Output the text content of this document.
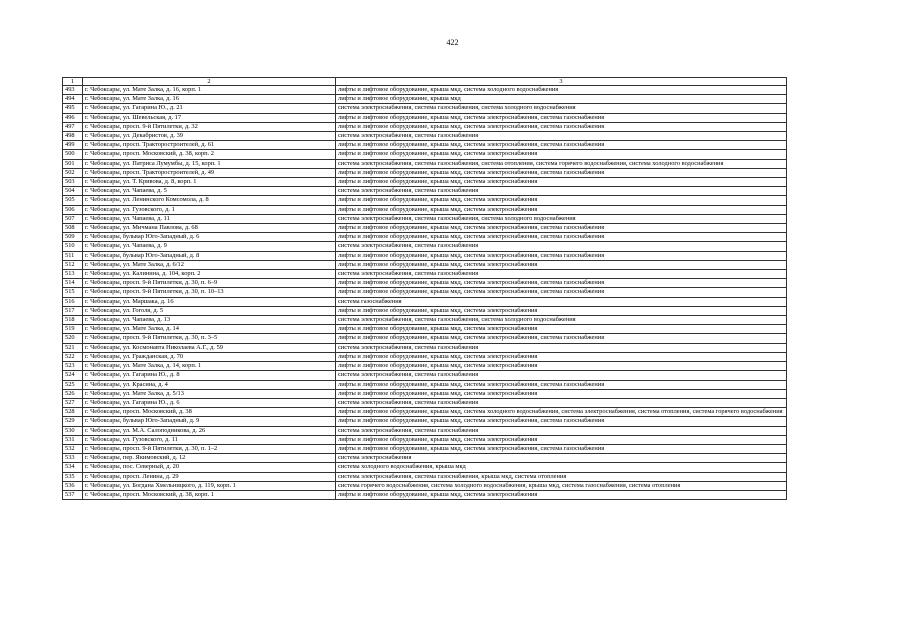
422
1	2	3
493	г. Чебоксары, ул. Мате Залка, д. 16, корп. 1	лифты и лифтовое оборудование, крыша мкд, система холодного водоснабжения
494	г. Чебоксары, ул. Мате Залка, д. 16	лифты и лифтовое оборудование, крыша мкд
495	г. Чебоксары, ул. Гагарина Ю., д. 21	система электроснабжения, система газоснабжения, система холодного водоснабжения
496	г. Чебоксары, ул. Шевельская, д. 17	лифты и лифтовое оборудование, крыша мкд, система электроснабжения, система газоснабжения
497	г. Чебоксары, просп. 9-й Пятилетки, д. 32	лифты и лифтовое оборудование, крыша мкд, система электроснабжения, система газоснабжения
498	г. Чебоксары, ул. Декабристов, д. 39	система электроснабжения, система газоснабжения
499	г. Чебоксары, просп. Тракторостроителей, д. 61	лифты и лифтовое оборудование, крыша мкд, система электроснабжения, система газоснабжения
500	г. Чебоксары, просп. Московский, д. 38, корп. 2	лифты и лифтовое оборудование, крыша мкд, система электроснабжения
501	г. Чебоксары, ул. Патриса Лумумбы, д. 15, корп. 1	система электроснабжения, система газоснабжения, система отопления, система горячего водоснабжения, система холодного водоснабжения
502	г. Чебоксары, просп. Тракторостроителей, д. 49	лифты и лифтовое оборудование, крыша мкд, система электроснабжения, система газоснабжения
503	г. Чебоксары, ул. Т. Кривова, д. 8, корп. 1	лифты и лифтовое оборудование, крыша мкд, система электроснабжения
504	г. Чебоксары, ул. Чапаева, д. 5	система электроснабжения, система газоснабжения
505	г. Чебоксары, ул. Ленинского Комсомола, д. 8	лифты и лифтовое оборудование, крыша мкд, система электроснабжения
506	г. Чебоксары, ул. Гузовского, д. 1	лифты и лифтовое оборудование, крыша мкд, система электроснабжения
507	г. Чебоксары, ул. Чапаева, д. 11	система электроснабжения, система газоснабжения, система холодного водоснабжения
508	г. Чебоксары, ул. Мичмана Павлова, д. 68	лифты и лифтовое оборудование, крыша мкд, система электроснабжения, система газоснабжения
509	г. Чебоксары, бульвар Юго-Западный, д. 6	лифты и лифтовое оборудование, крыша мкд, система электроснабжения, система газоснабжения
510	г. Чебоксары, ул. Чапаева, д. 9	система электроснабжения, система газоснабжения
511	г. Чебоксары, бульвар Юго-Западный, д. 8	лифты и лифтовое оборудование, крыша мкд, система электроснабжения, система газоснабжения
512	г. Чебоксары, ул. Мате Залка, д. 6/12	лифты и лифтовое оборудование, крыша мкд, система электроснабжения
513	г. Чебоксары, ул. Калинина, д. 104, корп. 2	система электроснабжения, система газоснабжения
514	г. Чебоксары, просп. 9-й Пятилетки, д. 30, п. 6–9	лифты и лифтовое оборудование, крыша мкд, система электроснабжения, система газоснабжения
515	г. Чебоксары, просп. 9-й Пятилетки, д. 30, п. 10–13	лифты и лифтовое оборудование, крыша мкд, система электроснабжения, система газоснабжения
516	г. Чебоксары, ул. Маршака, д. 16	система газоснабжения
517	г. Чебоксары, ул. Гоголя, д. 5	лифты и лифтовое оборудование, крыша мкд, система электроснабжения
518	г. Чебоксары, ул. Чапаева, д. 13	система электроснабжения, система газоснабжения, система холодного водоснабжения
519	г. Чебоксары, ул. Мате Залка, д. 14	лифты и лифтовое оборудование, крыша мкд, система электроснабжения
520	г. Чебоксары, просп. 9-й Пятилетки, д. 30, п. 3–5	лифты и лифтовое оборудование, крыша мкд, система электроснабжения, система газоснабжения
521	г. Чебоксары, ул. Космонавта Николаева А.Г., д. 59	система электроснабжения, система газоснабжения
522	г. Чебоксары, ул. Гражданская, д. 70	лифты и лифтовое оборудование, крыша мкд, система электроснабжения
523	г. Чебоксары, ул. Мате Залка, д. 14, корп. 1	лифты и лифтовое оборудование, крыша мкд, система электроснабжения
524	г. Чебоксары, ул. Гагарина Ю., д. 8	система электроснабжения, система газоснабжения
525	г. Чебоксары, ул. Красина, д. 4	лифты и лифтовое оборудование, крыша мкд, система электроснабжения, система газоснабжения
526	г. Чебоксары, ул. Мате Залка, д. 5/13	лифты и лифтовое оборудование, крыша мкд, система электроснабжения
527	г. Чебоксары, ул. Гагарина Ю., д. 6	система электроснабжения, система газоснабжения
528	г. Чебоксары, просп. Московский, д. 38	лифты и лифтовое оборудование, крыша мкд, система холодного водоснабжения, система электроснабжения, система отопления, система горячего водоснабжения
529	г. Чебоксары, бульвар Юго-Западный, д. 9	лифты и лифтовое оборудование, крыша мкд, система электроснабжения, система газоснабжения
530	г. Чебоксары, ул. М.А. Салоподникова, д. 26	система электроснабжения, система газоснабжения
531	г. Чебоксары, ул. Гузовского, д. 11	лифты и лифтовое оборудование, крыша мкд, система электроснабжения
532	г. Чебоксары, просп. 9-й Пятилетки, д. 30, п. 1–2	лифты и лифтовое оборудование, крыша мкд, система электроснабжения, система газоснабжения
533	г. Чебоксары, пер. Якимовский, д. 12	система электроснабжения
534	г. Чебоксары, пос. Северный, д. 20	система холодного водоснабжения, крыша мкд
535	г. Чебоксары, просп. Ленина, д. 29	система электроснабжения, система газоснабжения, крыша мкд, система отопления
536	г. Чебоксары, ул. Богдана Хмельницкого, д. 119, корп. 1	система горячего водоснабжения, система холодного водоснабжения, крыша мкд, система газоснабжения, система отопления
537	г. Чебоксары, просп. Московский, д. 38, корп. 1	лифты и лифтовое оборудование, крыша мкд, система электроснабжения
